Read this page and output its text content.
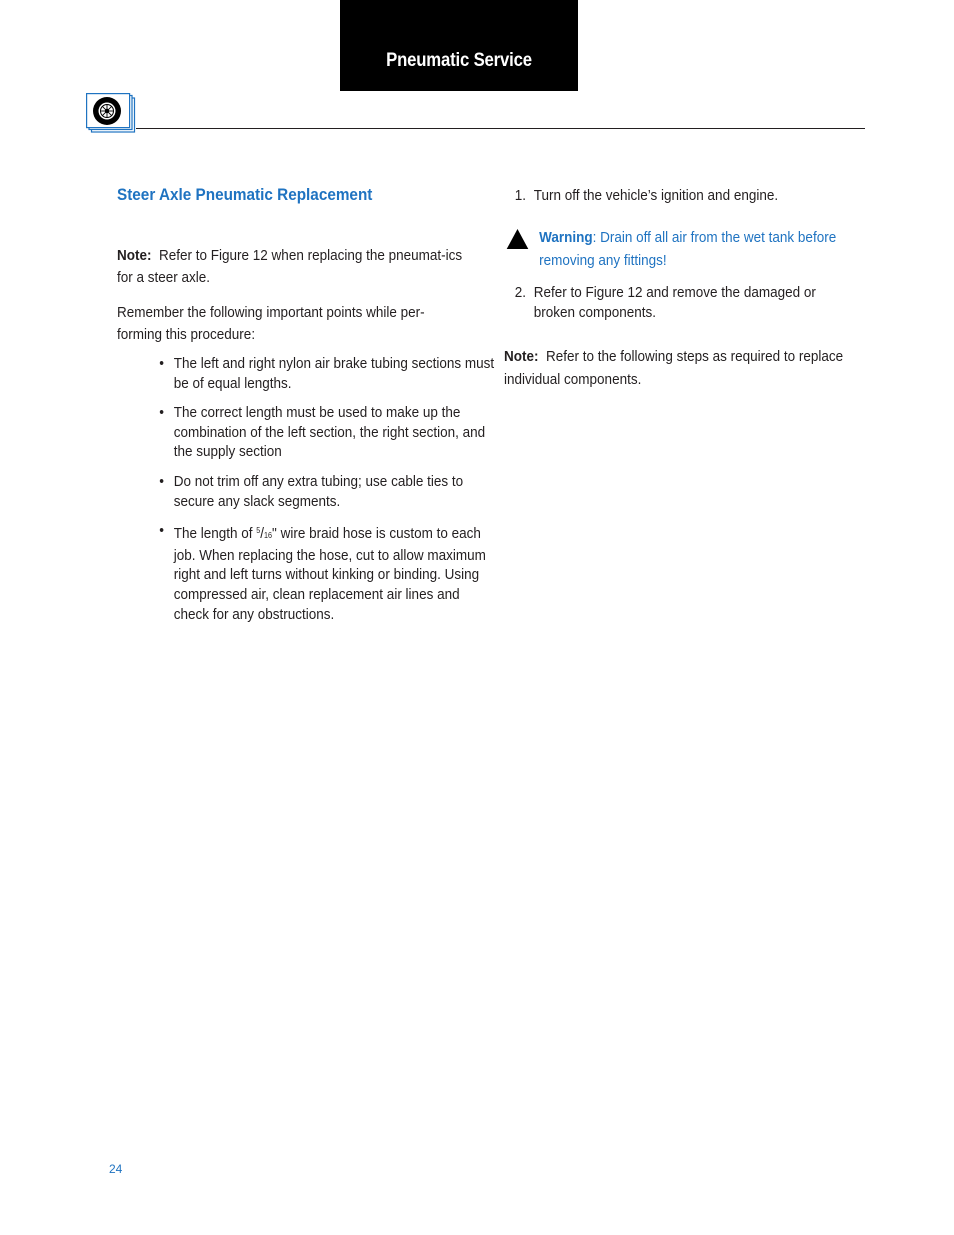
Pneumatic Service
Steer Axle Pneumatic Replacement

Note: Refer to Figure 12 when replacing the pneumat-ics for a steer axle.

Remember the following important points while per-forming this procedure:

• The left and right nylon air brake tubing sections must be of equal lengths.
• The correct length must be used to make up the combination of the left section, the right section, and the supply section
• Do not trim off any extra tubing; use cable ties to secure any slack segments.
• The length of $^5$/16" wire braid hose is custom to each job. When replacing the hose, cut to allow maximum right and left turns without kinking or binding. Using compressed air, clean replacement air lines and check for any obstructions.
1. Turn off the vehicle’s ignition and engine.
Warning: Drain off all air from the wet tank before removing any fittings!
2. Refer to Figure 12 and remove the damaged or broken components.

Note: Refer to the following steps as required to replace individual components.

24
